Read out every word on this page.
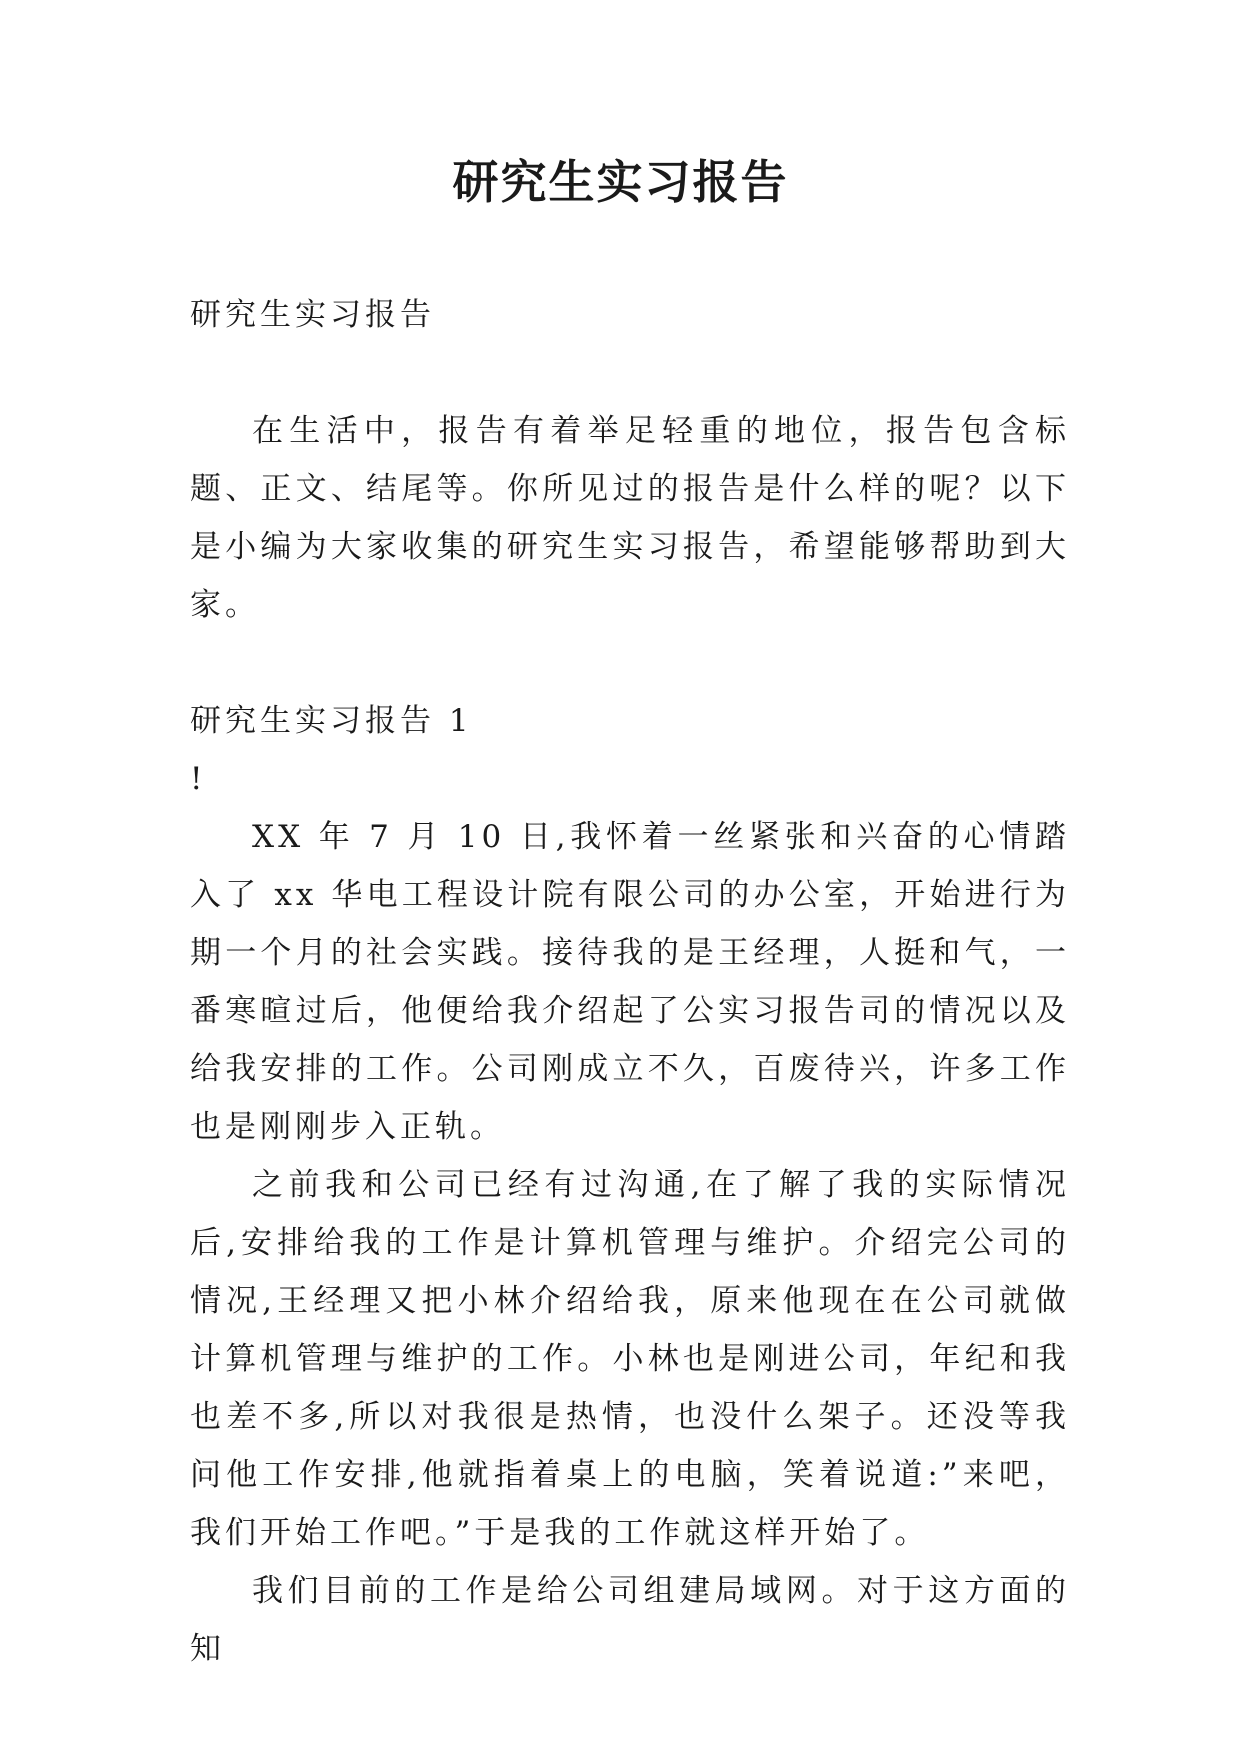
研究生实习报告

研究生实习报告

在生活中，报告有着举足轻重的地位，报告包含标题、正文、结尾等。你所见过的报告是什么样的呢？以下是小编为大家收集的研究生实习报告，希望能够帮助到大家。

研究生实习报告 1

!

XX 年 7 月 10 日,我怀着一丝紧张和兴奋的心情踏入了 xx 华电工程设计院有限公司的办公室，开始进行为期一个月的社会实践。接待我的是王经理，人挺和气，一番寒暄过后，他便给我介绍起了公实习报告司的情况以及给我安排的工作。公司刚成立不久，百废待兴，许多工作也是刚刚步入正轨。

之前我和公司已经有过沟通,在了解了我的实际情况后,安排给我的工作是计算机管理与维护。介绍完公司的情况,王经理又把小林介绍给我，原来他现在在公司就做计算机管理与维护的工作。小林也是刚进公司，年纪和我也差不多,所以对我很是热情，也没什么架子。还没等我问他工作安排,他就指着桌上的电脑，笑着说道:”来吧，我们开始工作吧。”于是我的工作就这样开始了。

我们目前的工作是给公司组建局域网。对于这方面的知
